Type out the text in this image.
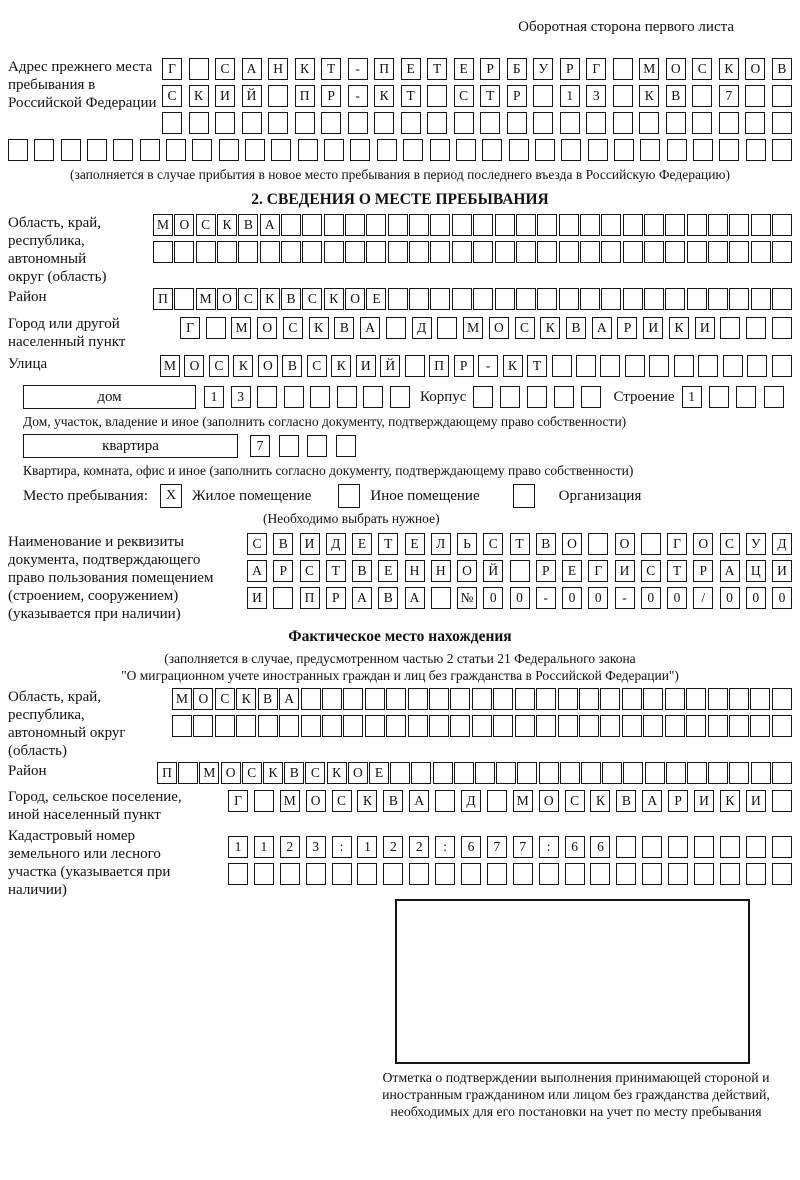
Оборотная сторона первого листа
Адрес прежнего места пребывания в Российской Федерации
Г	С	А	Н	К	Т	-	П	Е	Т	Е	Р	Б	У	Р	Г	М	О	С	К	О	В
С	К	И	Й	П	Р	-	К	Т	С	Т	Р	1	3	К	В	7
(заполняется в случае прибытия в новое место пребывания в период последнего въезда в Российскую Федерацию)
2. СВЕДЕНИЯ О МЕСТЕ ПРЕБЫВАНИЯ
Область, край, республика, автономный округ (область)
М О С К В А
Район	П	М О С К В С К О Е
Город или другой населенный пункт
Г	М	О	С	К	В	А	Д	М	О	С	К	В	А	Р	И	К	И
Улица	М	О	С	К	О	В	С	К	И	Й	П	Р	-	К	Т
дом	1	3	Корпус	Строение	1
Дом, участок, владение и иное (заполнить согласно документу, подтверждающему право собственности)
квартира	7
Квартира, комната, офис и иное (заполнить согласно документу, подтверждающему право собственности)
Место пребывания: X Жилое помещение	Иное помещение	Организация
(Необходимо выбрать нужное)
Наименование и реквизиты документа, подтверждающего право пользования помещением (строением, сооружением) (указывается при наличии)
С	В	И	Д	Е	Т	Е	Л	Ь	С	Т	В	О	О	Г	О	С	У	Д
А	Р	С	Т	В	Е	Н	Н	О	Й	Р	Е	Г	И	С	Т	Р	А	Ц	И
И	П	Р	А	В	А	№	0	0	-	0	0	-	0	0	/	0	0	0
Фактическое место нахождения
(заполняется в случае, предусмотренном частью 2 статьи 21 Федерального закона
"О миграционном учете иностранных граждан и лиц без гражданства в Российской Федерации")
Область, край, республика, автономный округ (область)
М О С К В А
Район	П	М О С К В С К О Е
Город, сельское поселение, иной населенный пункт
Г	М	О	С	К	В	А	Д	М	О	С	К	В	А	Р	И	К	И
Кадастровый номер земельного или лесного участка (указывается при наличии)
1	1	2	3	:	1	2	2	:	6	7	7	:	6	6
Отметка о подтверждении выполнения принимающей стороной и иностранным гражданином или лицом без гражданства действий, необходимых для его постановки на учет по месту пребывания
